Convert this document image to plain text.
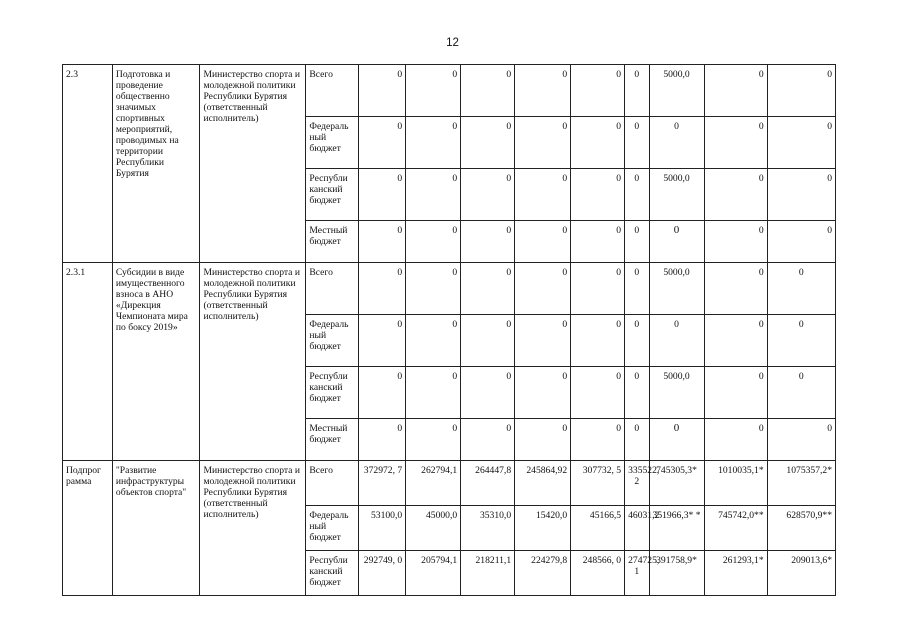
12
2.3	Подготовка и проведение общественно значимых спортивных мероприятий, проводимых на территории Республики Бурятия	Министерство спорта и молодежной политики Республики Бурятия (ответственный исполнитель)	Всего	0	0	0	0	0	0	5000,0	0	0
			Федераль ный бюджет	0	0	0	0	0	0	0	0	0
			Республи канский бюджет	0	0	0	0	0	0	5000,0	0	0
			Местный бюджет	0	0	0	0	0	0	0	0	0
2.3.1	Субсидии в виде имущественного взноса в АНО «Дирекция Чемпионата мира по боксу 2019»	Министерство спорта и молодежной политики Республики Бурятия (ответственный исполнитель)	Всего	0	0	0	0	0	0	5000,0	0	0
			Федераль ный бюджет	0	0	0	0	0	0	0	0	0
			Республи канский бюджет	0	0	0	0	0	0	5000,0	0	0
			Местный бюджет	0	0	0	0	0	0	0	0	0
Подпрог рамма	"Развитие инфраструктуры объектов спорта"	Министерство спорта и молодежной политики Республики Бурятия (ответственный исполнитель)	Всего	372972, 7	262794,1	264447,8	245864,92	307732, 5	335522, 2	745305,3*	1010035,1*	1075357,2*
			Федераль ный бюджет	53100,0	45000,0	35310,0	15420,0	45166,5	46031,2	351966,3* *	745742,0**	628570,9**
			Республи канский бюджет	292749, 0	205794,1	218211,1	224279,8	248566, 0	274725, 1	391758,9*	261293,1*	209013,6*
